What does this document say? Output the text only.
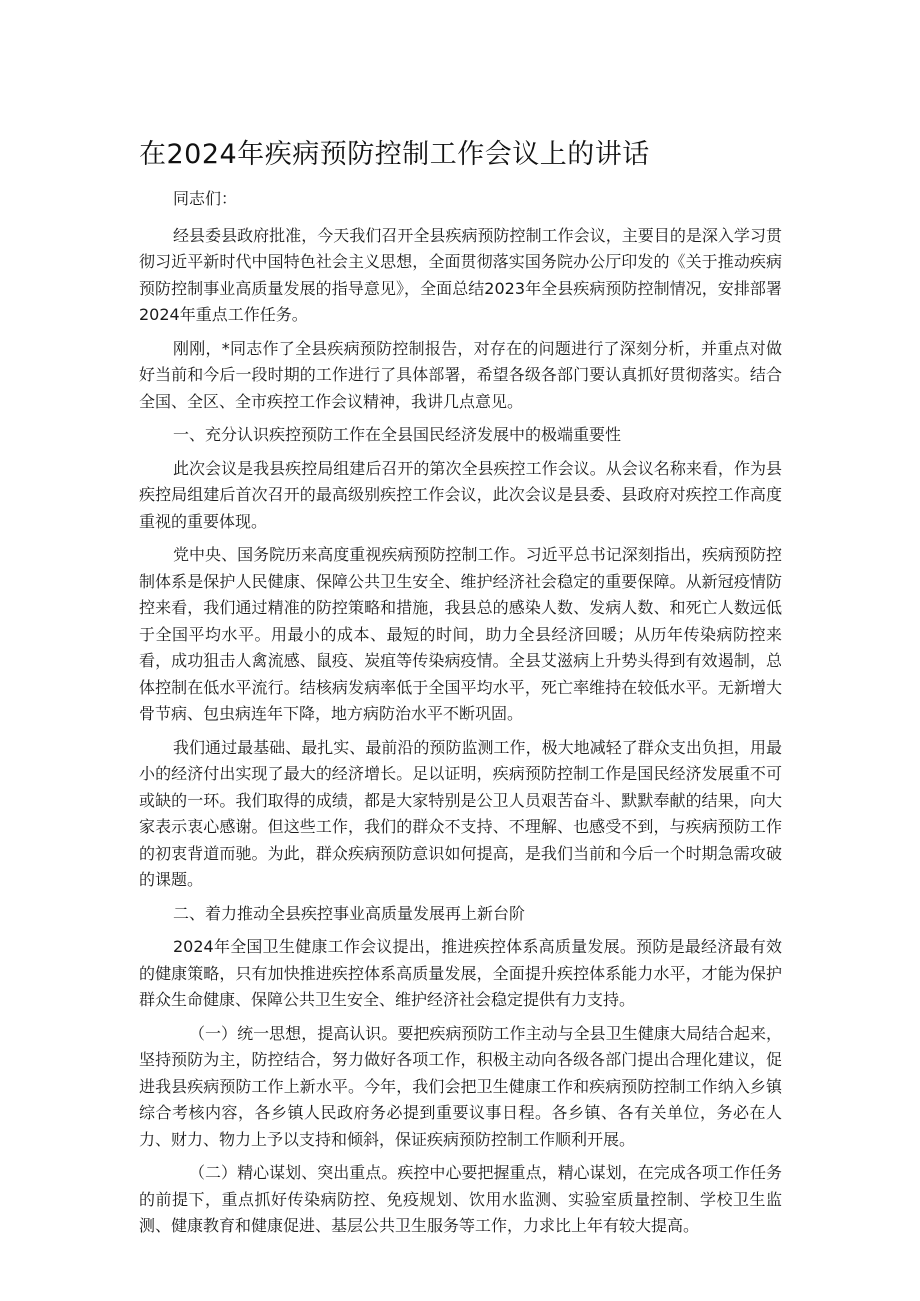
在2024年疾病预防控制工作会议上的讲话

同志们：

经县委县政府批准，今天我们召开全县疾病预防控制工作会议，主要目的是深入学习贯彻习近平新时代中国特色社会主义思想，全面贯彻落实国务院办公厅印发的《关于推动疾病预防控制事业高质量发展的指导意见》，全面总结2023年全县疾病预防控制情况，安排部署2024年重点工作任务。

刚刚，*同志作了全县疾病预防控制报告，对存在的问题进行了深刻分析，并重点对做好当前和今后一段时期的工作进行了具体部署，希望各级各部门要认真抓好贯彻落实。结合全国、全区、全市疾控工作会议精神，我讲几点意见。

一、充分认识疾控预防工作在全县国民经济发展中的极端重要性

此次会议是我县疾控局组建后召开的第次全县疾控工作会议。从会议名称来看，作为县疾控局组建后首次召开的最高级别疾控工作会议，此次会议是县委、县政府对疾控工作高度重视的重要体现。

党中央、国务院历来高度重视疾病预防控制工作。习近平总书记深刻指出，疾病预防控制体系是保护人民健康、保障公共卫生安全、维护经济社会稳定的重要保障。从新冠疫情防控来看，我们通过精准的防控策略和措施，我县总的感染人数、发病人数、和死亡人数远低于全国平均水平。用最小的成本、最短的时间，助力全县经济回暖；从历年传染病防控来看，成功狙击人禽流感、鼠疫、炭疽等传染病疫情。全县艾滋病上升势头得到有效遏制，总体控制在低水平流行。结核病发病率低于全国平均水平，死亡率维持在较低水平。无新增大骨节病、包虫病连年下降，地方病防治水平不断巩固。

我们通过最基础、最扎实、最前沿的预防监测工作，极大地减轻了群众支出负担，用最小的经济付出实现了最大的经济增长。足以证明，疾病预防控制工作是国民经济发展重不可或缺的一环。我们取得的成绩，都是大家特别是公卫人员艰苦奋斗、默默奉献的结果，向大家表示衷心感谢。但这些工作，我们的群众不支持、不理解、也感受不到，与疾病预防工作的初衷背道而驰。为此，群众疾病预防意识如何提高，是我们当前和今后一个时期急需攻破的课题。

二、着力推动全县疾控事业高质量发展再上新台阶

2024年全国卫生健康工作会议提出，推进疾控体系高质量发展。预防是最经济最有效的健康策略，只有加快推进疾控体系高质量发展，全面提升疾控体系能力水平，才能为保护群众生命健康、保障公共卫生安全、维护经济社会稳定提供有力支持。

（一）统一思想，提高认识。要把疾病预防工作主动与全县卫生健康大局结合起来，坚持预防为主，防控结合，努力做好各项工作，积极主动向各级各部门提出合理化建议，促进我县疾病预防工作上新水平。今年，我们会把卫生健康工作和疾病预防控制工作纳入乡镇综合考核内容，各乡镇人民政府务必提到重要议事日程。各乡镇、各有关单位，务必在人力、财力、物力上予以支持和倾斜，保证疾病预防控制工作顺利开展。

（二）精心谋划、突出重点。疾控中心要把握重点，精心谋划，在完成各项工作任务的前提下，重点抓好传染病防控、免疫规划、饮用水监测、实验室质量控制、学校卫生监测、健康教育和健康促进、基层公共卫生服务等工作，力求比上年有较大提高。
